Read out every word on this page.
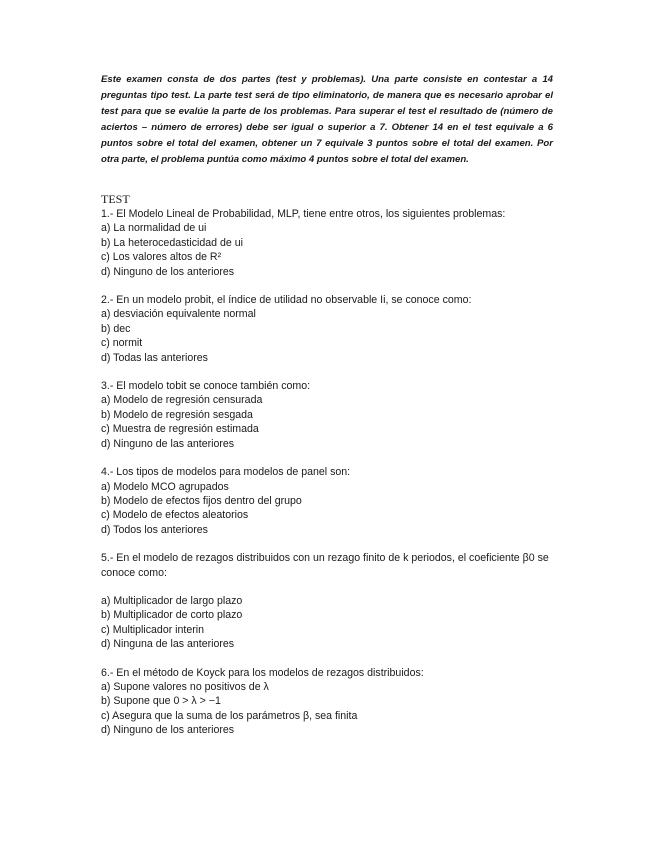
Este examen consta de dos partes (test y problemas). Una parte consiste en contestar a 14 preguntas tipo test. La parte test será de tipo eliminatorio, de manera que es necesario aprobar el test para que se evalúe la parte de los problemas. Para superar el test el resultado de (número de aciertos – número de errores) debe ser igual o superior a 7. Obtener 14 en el test equivale a 6 puntos sobre el total del examen, obtener un 7 equivale 3 puntos sobre el total del examen. Por otra parte, el problema puntúa como máximo 4 puntos sobre el total del examen.

TEST

1.- El Modelo Lineal de Probabilidad, MLP, tiene entre otros, los siguientes problemas:

a) La normalidad de ui

b) La heterocedasticidad de ui

c) Los valores altos de R²

d) Ninguno de los anteriores

2.- En un modelo probit, el índice de utilidad no observable Ii, se conoce como:

a) desviación equivalente normal

b) dec

c) normit

d) Todas las anteriores

3.- El modelo tobit se conoce también como:

a) Modelo de regresión censurada

b) Modelo de regresión sesgada

c) Muestra de regresión estimada

d) Ninguno de las anteriores

4.- Los tipos de modelos para modelos de panel son:

a) Modelo MCO agrupados

b) Modelo de efectos fijos dentro del grupo

c) Modelo de efectos aleatorios

d) Todos los anteriores

5.- En el modelo de rezagos distribuidos con un rezago finito de k periodos, el coeficiente β0 se conoce como:

a) Multiplicador de largo plazo

b) Multiplicador de corto plazo

c) Multiplicador interin

d) Ninguna de las anteriores

6.- En el método de Koyck para los modelos de rezagos distribuidos:

a) Supone valores no positivos de λ

b) Supone que 0 > λ > −1

c) Asegura que la suma de los parámetros β, sea finita

d) Ninguno de los anteriores
